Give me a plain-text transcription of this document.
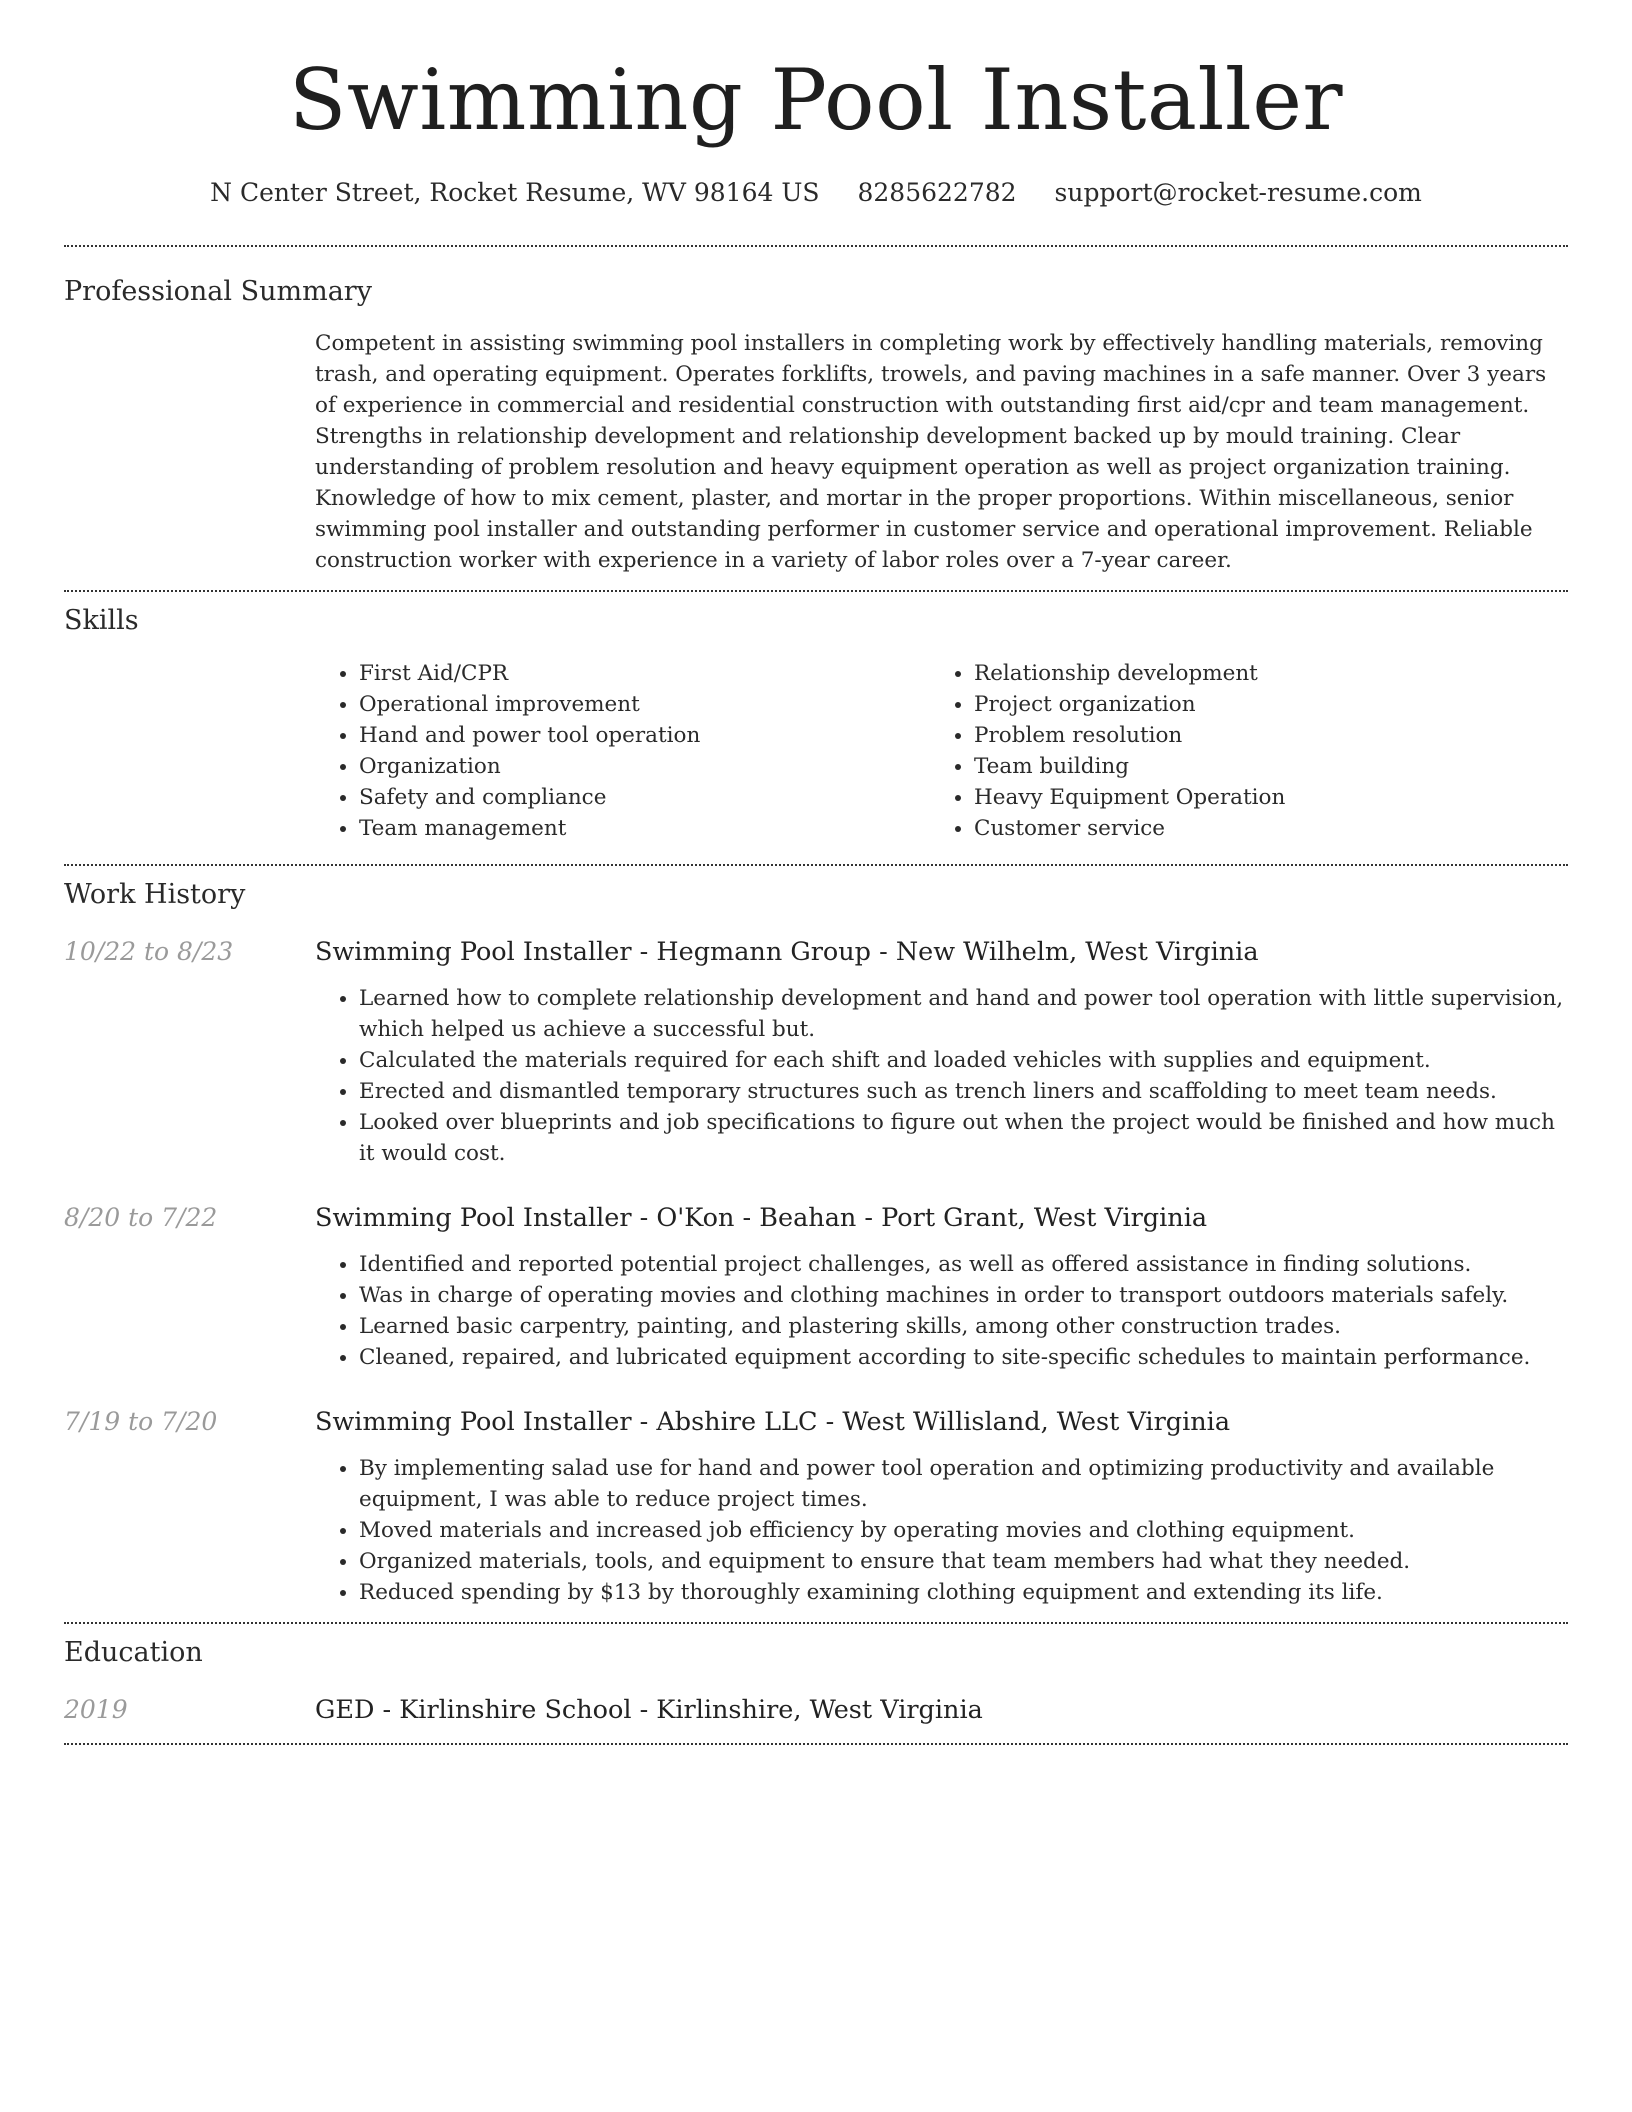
Swimming Pool Installer
N Center Street, Rocket Resume, WV 98164 US 8285622782 support@rocket-resume.com
Professional Summary

Competent in assisting swimming pool installers in completing work by effectively handling materials, removing trash, and operating equipment. Operates forklifts, trowels, and paving machines in a safe manner. Over 3 years of experience in commercial and residential construction with outstanding first aid/cpr and team management. Strengths in relationship development and relationship development backed up by mould training. Clear understanding of problem resolution and heavy equipment operation as well as project organization training. Knowledge of how to mix cement, plaster, and mortar in the proper proportions. Within miscellaneous, senior swimming pool installer and outstanding performer in customer service and operational improvement. Reliable construction worker with experience in a variety of labor roles over a 7-year career.

Skills
• First Aid/CPR
• Operational improvement
• Hand and power tool operation
• Organization
• Safety and compliance
• Team management
• Relationship development
• Project organization
• Problem resolution
• Team building
• Heavy Equipment Operation
• Customer service
Work History
10/22 to 8/23	Swimming Pool Installer - Hegmann Group - New Wilhelm, West Virginia
• Learned how to complete relationship development and hand and power tool operation with little supervision, which helped us achieve a successful but.
• Calculated the materials required for each shift and loaded vehicles with supplies and equipment.
• Erected and dismantled temporary structures such as trench liners and scaffolding to meet team needs.
• Looked over blueprints and job specifications to figure out when the project would be finished and how much it would cost.
8/20 to 7/22	Swimming Pool Installer - O'Kon - Beahan - Port Grant, West Virginia
• Identified and reported potential project challenges, as well as offered assistance in finding solutions.
• Was in charge of operating movies and clothing machines in order to transport outdoors materials safely.
• Learned basic carpentry, painting, and plastering skills, among other construction trades.
• Cleaned, repaired, and lubricated equipment according to site-specific schedules to maintain performance.
7/19 to 7/20	Swimming Pool Installer - Abshire LLC - West Willisland, West Virginia
• By implementing salad use for hand and power tool operation and optimizing productivity and available equipment, I was able to reduce project times.
• Moved materials and increased job efficiency by operating movies and clothing equipment.
• Organized materials, tools, and equipment to ensure that team members had what they needed.
• Reduced spending by $13 by thoroughly examining clothing equipment and extending its life.
Education
2019	GED - Kirlinshire School - Kirlinshire, West Virginia
